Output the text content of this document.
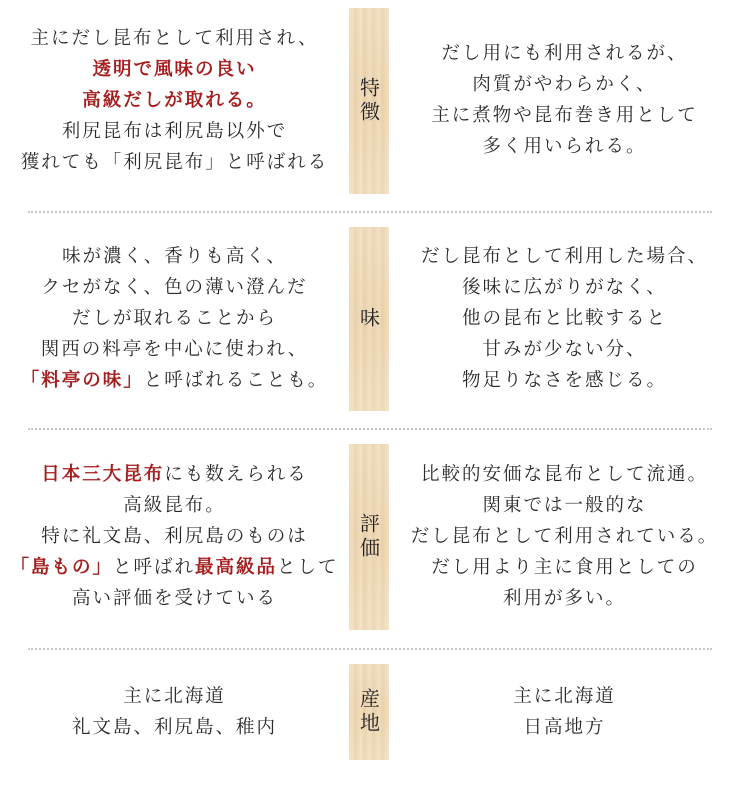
特徴
主にだし昆布として利用され、
透明で風味の良い
高級だしが取れる。
利尻昆布は利尻島以外で
獲れても「利尻昆布」と呼ばれる
だし用にも利用されるが、
肉質がやわらかく、
主に煮物や昆布巻き用として
多く用いられる。
味
味が濃く、香りも高く、
クセがなく、色の薄い澄んだ
だしが取れることから
関西の料亭を中心に使われ、
「料亭の味」と呼ばれることも。
だし昆布として利用した場合、
後味に広がりがなく、
他の昆布と比較すると
甘みが少ない分、
物足りなさを感じる。
評価
日本三大昆布にも数えられる
高級昆布。
特に礼文島、利尻島のものは
「島もの」と呼ばれ最高級品として
高い評価を受けている
比較的安価な昆布として流通。
関東では一般的な
だし昆布として利用されている。
だし用より主に食用としての
利用が多い。
産地
主に北海道
礼文島、利尻島、稚内
主に北海道
日高地方
